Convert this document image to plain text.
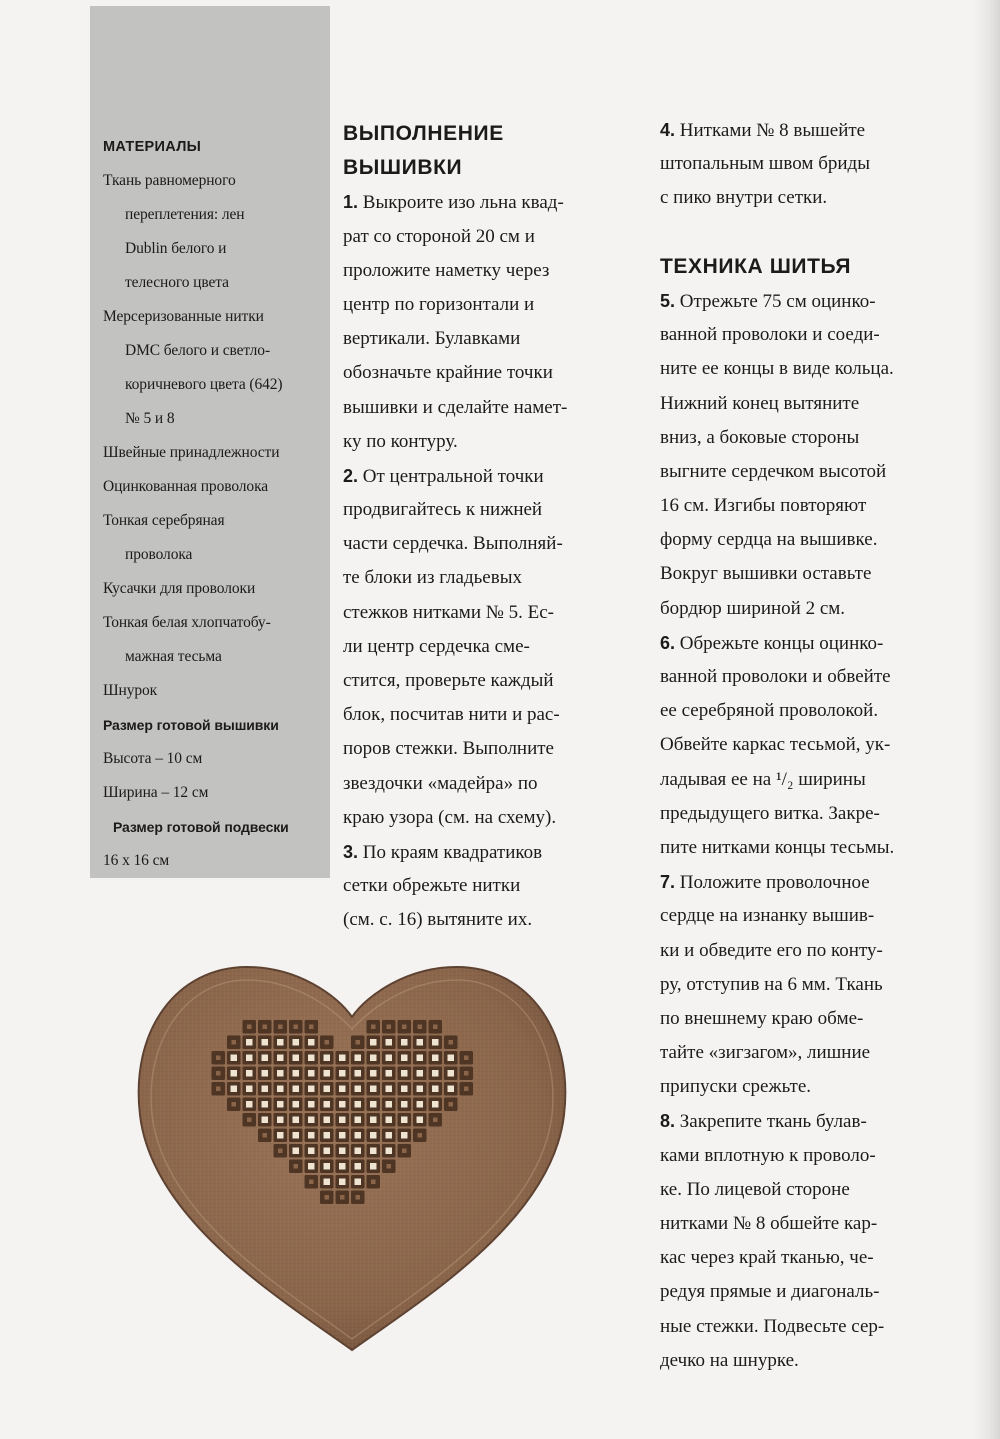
МАТЕРИАЛЫ
Ткань равномерного
переплетения: лен
Dublin белого и
телесного цвета
Мерсеризованные нитки
DMC белого и светло-
коричневого цвета (642)
№ 5 и 8
Швейные принадлежности
Оцинкованная проволока
Тонкая серебряная
проволока
Кусачки для проволоки
Тонкая белая хлопчатобу-
мажная тесьма
Шнурок
Размер готовой вышивки
Высота – 10 см
Ширина – 12 см
Размер готовой подвески
16 х 16 см
ВЫПОЛНЕНИЕ
ВЫШИВКИ
1. Выкроите изо льна квад-
рат со стороной 20 см и
проложите наметку через
центр по горизонтали и
вертикали. Булавками
обозначьте крайние точки
вышивки и сделайте намет-
ку по контуру.
2. От центральной точки
продвигайтесь к нижней
части сердечка. Выполняй-
те блоки из гладьевых
стежков нитками № 5. Ес-
ли центр сердечка сме-
стится, проверьте каждый
блок, посчитав нити и рас-
поров стежки. Выполните
звездочки «мадейра» по
краю узора (см. на схему).
3. По краям квадратиков
сетки обрежьте нитки
(см. с. 16) вытяните их.
4. Нитками № 8 вышейте
штопальным швом бриды
с пико внутри сетки.
ТЕХНИКА ШИТЬЯ
5. Отрежьте 75 см оцинко-
ванной проволоки и соеди-
ните ее концы в виде кольца.
Нижний конец вытяните
вниз, а боковые стороны
выгните сердечком высотой
16 см. Изгибы повторяют
форму сердца на вышивке.
Вокруг вышивки оставьте
бордюр шириной 2 см.
6. Обрежьте концы оцинко-
ванной проволоки и обвейте
ее серебряной проволокой.
Обвейте каркас тесьмой, ук-
ладывая ее на ¹/₂ ширины
предыдущего витка. Закре-
пите нитками концы тесьмы.
7. Положите проволочное
сердце на изнанку вышив-
ки и обведите его по конту-
ру, отступив на 6 мм. Ткань
по внешнему краю обме-
тайте «зигзагом», лишние
припуски срежьте.
8. Закрепите ткань булав-
ками вплотную к проволо-
ке. По лицевой стороне
нитками № 8 обшейте кар-
кас через край тканью, че-
редуя прямые и диагональ-
ные стежки. Подвесьте сер-
дечко на шнурке.
